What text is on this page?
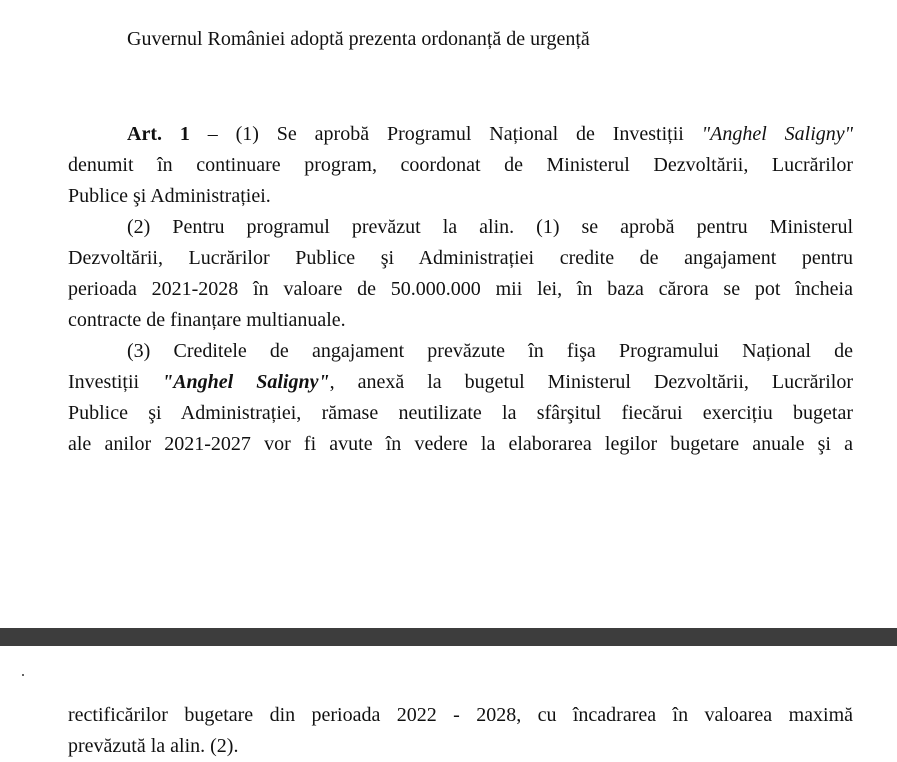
Guvernul României adoptă prezenta ordonanță de urgență
Art. 1 – (1) Se aprobă Programul Național de Investiții "Anghel Saligny"
denumit în continuare program, coordonat de Ministerul Dezvoltării, Lucrărilor
Publice şi Administrației.
(2) Pentru programul prevăzut la alin. (1) se aprobă pentru Ministerul
Dezvoltării, Lucrărilor Publice şi Administrației credite de angajament pentru
perioada 2021-2028 în valoare de 50.000.000 mii lei, în baza cărora se pot încheia
contracte de finanțare multianuale.
(3) Creditele de angajament prevăzute în fişa Programului Național de
Investiții "Anghel Saligny", anexă la bugetul Ministerul Dezvoltării, Lucrărilor
Publice şi Administrației, rămase neutilizate la sfârşitul fiecărui exercițiu bugetar
ale anilor 2021-2027 vor fi avute în vedere la elaborarea legilor bugetare anuale şi a
rectificărilor bugetare din perioada 2022 - 2028, cu încadrarea în valoarea maximă
prevăzută la alin. (2).
